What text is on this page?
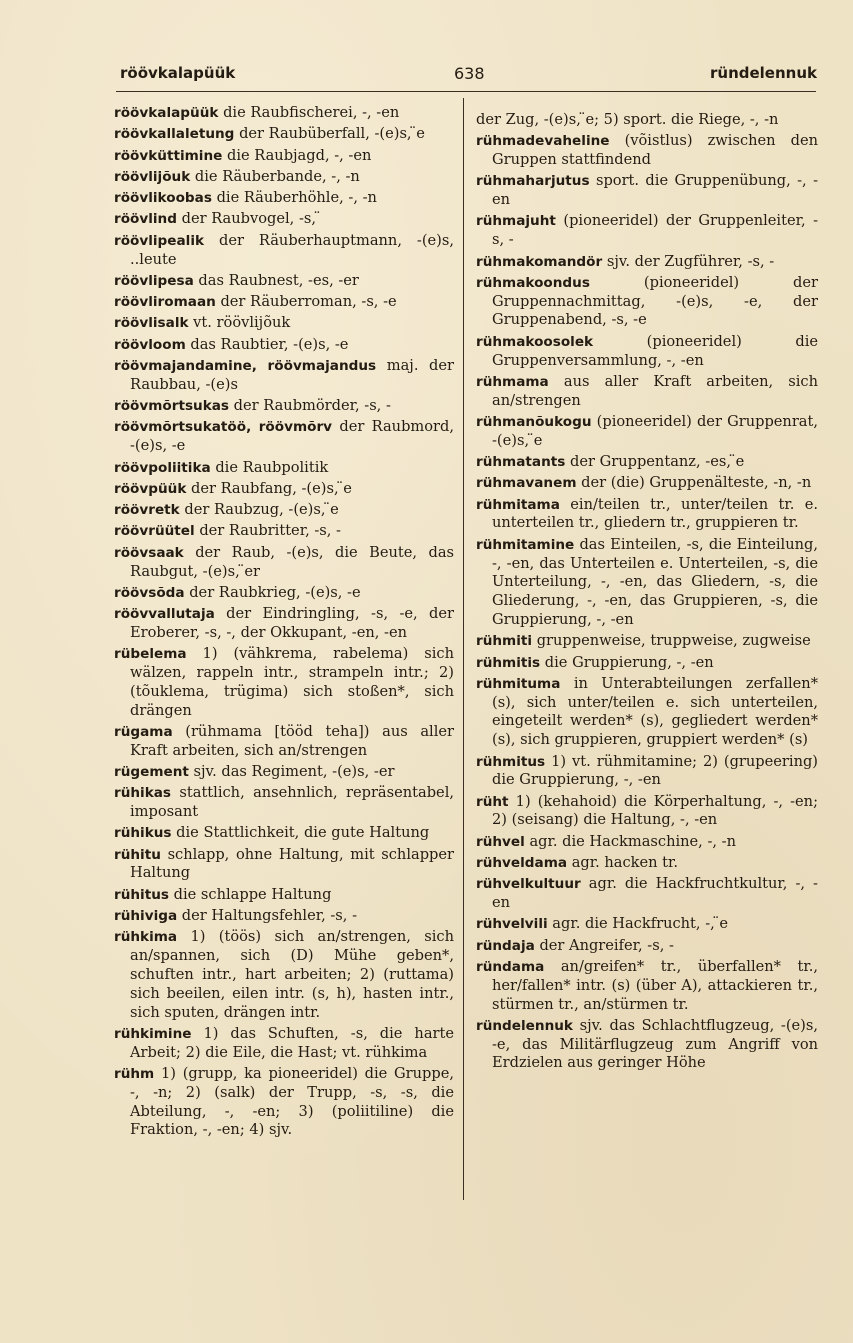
röövkalapüük	638	ründelennuk
röövkalapüük die Raubfischerei, -, -en
röövkallaletung der Raubüberfall, -(e)s, ̈e
röövküttimine die Raubjagd, -, -en
röövlijõuk die Räuberbande, -, -n
röövlikoobas die Räuberhöhle, -, -n
röövlind der Raubvogel, -s, ̈
röövlipealik der Räuberhauptmann, -(e)s, ..leute
röövlipesa das Raubnest, -es, -er
röövliromaan der Räuberroman, -s, -e
röövlisalk vt. röövlijõuk
röövloom das Raubtier, -(e)s, -e
röövmajandamine, röövmajandus maj. der Raubbau, -(e)s
röövmõrtsukas der Raubmörder, -s, -
röövmõrtsukatöö, röövmõrv der Raubmord, -(e)s, -e
röövpoliitika die Raubpolitik
röövpüük der Raubfang, -(e)s, ̈e
röövretk der Raubzug, -(e)s, ̈e
röövrüütel der Raubritter, -s, -
röövsaak der Raub, -(e)s, die Beute, das Raubgut, -(e)s, ̈er
röövsõda der Raubkrieg, -(e)s, -e
röövvallutaja der Eindringling, -s, -e, der Eroberer, -s, -, der Okkupant, -en, -en
rübelema 1) (vähkrema, rabelema) sich wälzen, rappeln intr., strampeln intr.; 2) (tõuklema, trügima) sich stoßen*, sich drängen
rügama (rühmama [tööd teha]) aus aller Kraft arbeiten, sich an/strengen
rügement sjv. das Regiment, -(e)s, -er
rühikas stattlich, ansehnlich, repräsentabel, imposant
rühikus die Stattlichkeit, die gute Haltung
rühitu schlapp, ohne Haltung, mit schlapper Haltung
rühitus die schlappe Haltung
rühiviga der Haltungsfehler, -s, -
rühkima 1) (töös) sich an/strengen, sich an/spannen, sich (D) Mühe geben*, schuften intr., hart arbeiten; 2) (ruttama) sich beeilen, eilen intr. (s, h), hasten intr., sich sputen, drängen intr.
rühkimine 1) das Schuften, -s, die harte Arbeit; 2) die Eile, die Hast; vt. rühkima
rühm 1) (grupp, ka pioneeridel) die Gruppe, -, -n; 2) (salk) der Trupp, -s, -s, die Abteilung, -, -en; 3) (poliitiline) die Fraktion, -, -en; 4) sjv.
der Zug, -(e)s, ̈e; 5) sport. die Riege, -, -n
rühmadevaheline (võistlus) zwischen den Gruppen stattfindend
rühmaharjutus sport. die Gruppenübung, -, -en
rühmajuht (pioneeridel) der Gruppenleiter, -s, -
rühmakomandör sjv. der Zugführer, -s, -
rühmakoondus	(pioneeridel) der Gruppennachmittag, -(e)s, -e, der Gruppenabend, -s, -e
rühmakoosolek	(pioneeridel) die Gruppenversammlung, -, -en
rühmama aus aller Kraft arbeiten, sich an/strengen
rühmanõukogu (pioneeridel) der Gruppenrat, -(e)s, ̈e
rühmatants der Gruppentanz, -es, ̈e
rühmavanem der (die) Gruppenälteste, -n, -n
rühmitama ein/teilen tr., unter/teilen tr. e. unterteilen tr., gliedern tr., gruppieren tr.
rühmitamine das Einteilen, -s, die Einteilung, -, -en, das Unterteilen e. Unterteilen, -s, die Unterteilung, -, -en, das Gliedern, -s, die Gliederung, -, -en, das Gruppieren, -s, die Gruppierung, -, -en
rühmiti gruppenweise, truppweise, zugweise
rühmitis die Gruppierung, -, -en
rühmituma in Unterabteilungen zerfallen* (s), sich unter/teilen e. sich unterteilen, eingeteilt werden* (s), gegliedert werden* (s), sich gruppieren, gruppiert werden* (s)
rühmitus 1) vt. rühmitamine; 2) (grupeering) die Gruppierung, -, -en
rüht 1) (kehahoid) die Körperhaltung, -, -en; 2) (seisang) die Haltung, -, -en
rühvel agr. die Hackmaschine, -, -n
rühveldama agr. hacken tr.
rühvelkultuur agr. die Hackfruchtkultur, -, -en
rühvelvili agr. die Hackfrucht, -, ̈e
ründaja der Angreifer, -s, -
ründama an/greifen* tr., überfallen* tr., her/fallen* intr. (s) (über A), attackieren tr., stürmen tr., an/stürmen tr.
ründelennuk sjv. das Schlachtflugzeug, -(e)s, -e, das Militärflugzeug zum Angriff von Erdzielen aus geringer Höhe
